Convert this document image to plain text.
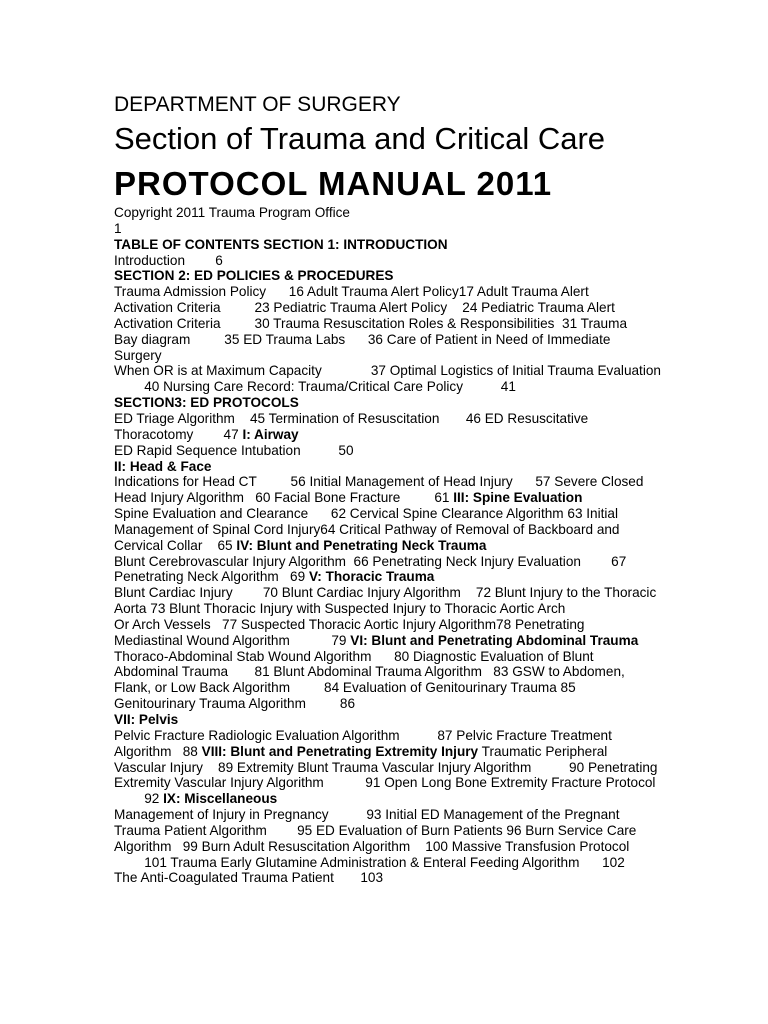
DEPARTMENT OF SURGERY
Section of Trauma and Critical Care
PROTOCOL MANUAL 2011
Copyright 2011 Trauma Program Office
1
TABLE OF CONTENTS SECTION 1: INTRODUCTION
Introduction        6
SECTION 2: ED POLICIES & PROCEDURES
Trauma Admission Policy      16 Adult Trauma Alert Policy17 Adult Trauma Alert
Activation Criteria         23 Pediatric Trauma Alert Policy    24 Pediatric Trauma Alert
Activation Criteria         30 Trauma Resuscitation Roles & Responsibilities  31 Trauma
Bay diagram         35 ED Trauma Labs      36 Care of Patient in Need of Immediate
Surgery
When OR is at Maximum Capacity             37 Optimal Logistics of Initial Trauma Evaluation
40 Nursing Care Record: Trauma/Critical Care Policy          41
SECTION3: ED PROTOCOLS
ED Triage Algorithm    45 Termination of Resuscitation       46 ED Resuscitative
Thoracotomy        47 I: Airway
ED Rapid Sequence Intubation          50
II: Head & Face
Indications for Head CT         56 Initial Management of Head Injury      57 Severe Closed
Head Injury Algorithm   60 Facial Bone Fracture         61 III: Spine Evaluation
Spine Evaluation and Clearance      62 Cervical Spine Clearance Algorithm 63 Initial
Management of Spinal Cord Injury64 Critical Pathway of Removal of Backboard and
Cervical Collar    65 IV: Blunt and Penetrating Neck Trauma
Blunt Cerebrovascular Injury Algorithm  66 Penetrating Neck Injury Evaluation        67
Penetrating Neck Algorithm   69 V: Thoracic Trauma
Blunt Cardiac Injury        70 Blunt Cardiac Injury Algorithm    72 Blunt Injury to the Thoracic
Aorta 73 Blunt Thoracic Injury with Suspected Injury to Thoracic Aortic Arch
Or Arch Vessels   77 Suspected Thoracic Aortic Injury Algorithm78 Penetrating
Mediastinal Wound Algorithm           79 VI: Blunt and Penetrating Abdominal Trauma
Thoraco-Abdominal Stab Wound Algorithm      80 Diagnostic Evaluation of Blunt
Abdominal Trauma       81 Blunt Abdominal Trauma Algorithm   83 GSW to Abdomen,
Flank, or Low Back Algorithm         84 Evaluation of Genitourinary Trauma 85
Genitourinary Trauma Algorithm         86
VII: Pelvis
Pelvic Fracture Radiologic Evaluation Algorithm          87 Pelvic Fracture Treatment
Algorithm   88 VIII: Blunt and Penetrating Extremity Injury Traumatic Peripheral
Vascular Injury    89 Extremity Blunt Trauma Vascular Injury Algorithm          90 Penetrating
Extremity Vascular Injury Algorithm           91 Open Long Bone Extremity Fracture Protocol
92 IX: Miscellaneous
Management of Injury in Pregnancy          93 Initial ED Management of the Pregnant
Trauma Patient Algorithm        95 ED Evaluation of Burn Patients 96 Burn Service Care
Algorithm   99 Burn Adult Resuscitation Algorithm    100 Massive Transfusion Protocol
101 Trauma Early Glutamine Administration & Enteral Feeding Algorithm      102
The Anti-Coagulated Trauma Patient       103
